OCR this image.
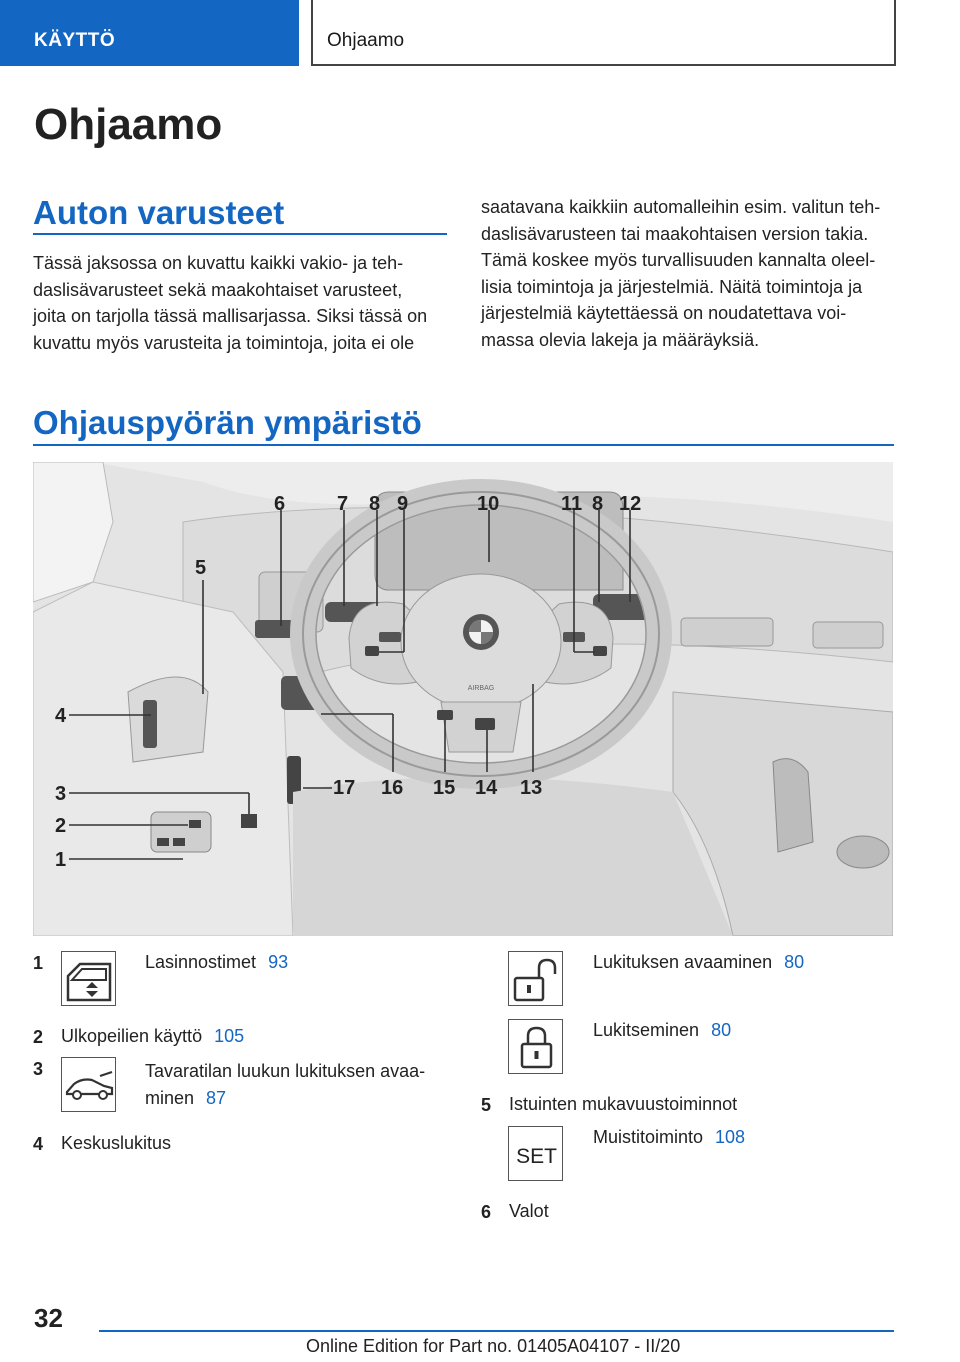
KÄYTTÖ	Ohjaamo
Ohjaamo
Auton varusteet
Tässä jaksossa on kuvattu kaikki vakio- ja teh-
daslisävarusteet sekä maakohtaiset varusteet,
joita on tarjolla tässä mallisarjassa. Siksi tässä on
kuvattu myös varusteita ja toimintoja, joita ei ole
saatavana kaikkiin automalleihin esim. valitun teh-
daslisävarusteen tai maakohtaisen version takia.
Tämä koskee myös turvallisuuden kannalta oleel-
lisia toimintoja ja järjestelmiä. Näitä toimintoja ja
järjestelmiä käytettäessä on noudatettava voi-
massa olevia lakeja ja määräyksiä.
Ohjauspyörän ympäristö
AIRBAG
1
2
3
4
5
6	7 8 9	10	11 8 12
13
14
15
16
17
1	Lasinnostimet 93
2 Ulkopeilien käyttö 105
3	Tavaratilan luukun lukituksen avaa-
minen 87
4 Keskuslukitus
Lukituksen avaaminen 80
Lukitseminen 80
5 Istuinten mukavuustoiminnot
SET
Muistitoiminto 108
6 Valot
32
Online Edition for Part no. 01405A04107 - II/20
